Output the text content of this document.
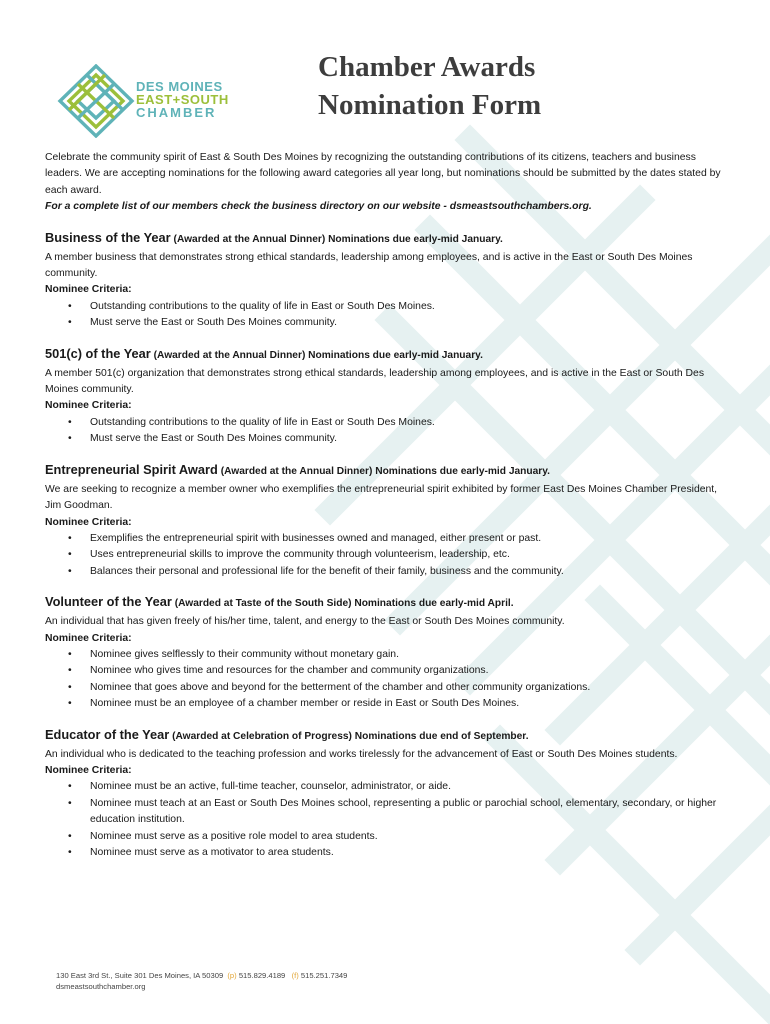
DES MOINES
EAST+SOUTH
CHAMBER
Chamber Awards
Nomination Form

Celebrate the community spirit of East & South Des Moines by recognizing the outstanding contributions of its citizens, teachers and business leaders. We are accepting nominations for the following award categories all year long, but nominations should be submitted by the dates stated by each award.

For a complete list of our members check the business directory on our website - dsmeastsouthchambers.org.

Business of the Year (Awarded at the Annual Dinner) Nominations due early-mid January.

A member business that demonstrates strong ethical standards, leadership among employees, and is active in the East or South Des Moines community.

Nominee Criteria:

• Outstanding contributions to the quality of life in East or South Des Moines.
• Must serve the East or South Des Moines community.

501(c) of the Year (Awarded at the Annual Dinner) Nominations due early-mid January.

A member 501(c) organization that demonstrates strong ethical standards, leadership among employees, and is active in the East or South Des Moines community.

Nominee Criteria:

• Outstanding contributions to the quality of life in East or South Des Moines.
• Must serve the East or South Des Moines community.

Entrepreneurial Spirit Award (Awarded at the Annual Dinner) Nominations due early-mid January.

We are seeking to recognize a member owner who exemplifies the entrepreneurial spirit exhibited by former East Des Moines Chamber President, Jim Goodman.

Nominee Criteria:

• Exemplifies the entrepreneurial spirit with businesses owned and managed, either present or past.
• Uses entrepreneurial skills to improve the community through volunteerism, leadership, etc.
• Balances their personal and professional life for the benefit of their family, business and the community.

Volunteer of the Year (Awarded at Taste of the South Side) Nominations due early-mid April.

An individual that has given freely of his/her time, talent, and energy to the East or South Des Moines community.

Nominee Criteria:

• Nominee gives selflessly to their community without monetary gain.
• Nominee who gives time and resources for the chamber and community organizations.
• Nominee that goes above and beyond for the betterment of the chamber and other community organizations.
• Nominee must be an employee of a chamber member or reside in East or South Des Moines.

Educator of the Year (Awarded at Celebration of Progress) Nominations due end of September.

An individual who is dedicated to the teaching profession and works tirelessly for the advancement of East or South Des Moines students.

Nominee Criteria:

• Nominee must be an active, full-time teacher, counselor, administrator, or aide.
• Nominee must teach at an East or South Des Moines school, representing a public or parochial school, elementary, secondary, or higher education institution.
• Nominee must serve as a positive role model to area students.
• Nominee must serve as a motivator to area students.
130 East 3rd St., Suite 301 Des Moines, IA 50309 (p) 515.829.4189 (f) 515.251.7349
dsmeastsouthchamber.org
